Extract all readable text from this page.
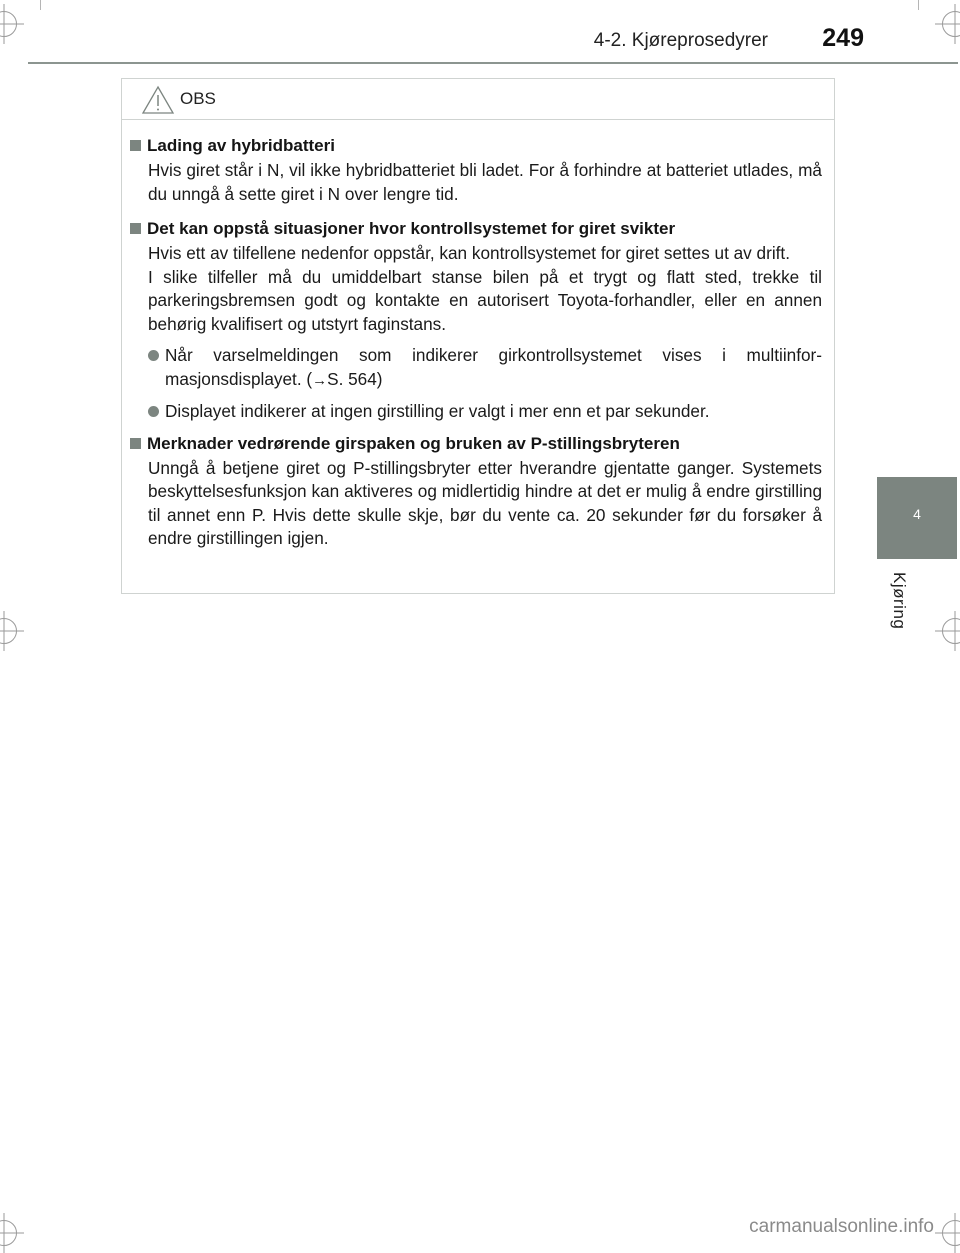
4-2. Kjøreprosedyrer 249
4
Kjøring
OBS
Lading av hybridbatteri

Hvis giret står i N, vil ikke hybridbatteriet bli ladet. For å forhindre at batteriet utlades, må du unngå å sette giret i N over lengre tid.

Det kan oppstå situasjoner hvor kontrollsystemet for giret svikter

Hvis ett av tilfellene nedenfor oppstår, kan kontrollsystemet for giret settes ut av drift.

I slike tilfeller må du umiddelbart stanse bilen på et trygt og flatt sted, trekke til parkeringsbremsen godt og kontakte en autorisert Toyota-forhandler, eller en annen behørig kvalifisert og utstyrt faginstans.

Når varselmeldingen som indikerer girkontrollsystemet vises i multiinfor-masjonsdisplayet. (→S. 564)
Displayet indikerer at ingen girstilling er valgt i mer enn et par sekunder.
Merknader vedrørende girspaken og bruken av P-stillingsbryteren

Unngå å betjene giret og P-stillingsbryter etter hverandre gjentatte ganger. Systemets beskyttelsesfunksjon kan aktiveres og midlertidig hindre at det er mulig å endre girstilling til annet enn P. Hvis dette skulle skje, bør du vente ca. 20 sekunder før du forsøker å endre girstillingen igjen.

carmanualsonline.info
